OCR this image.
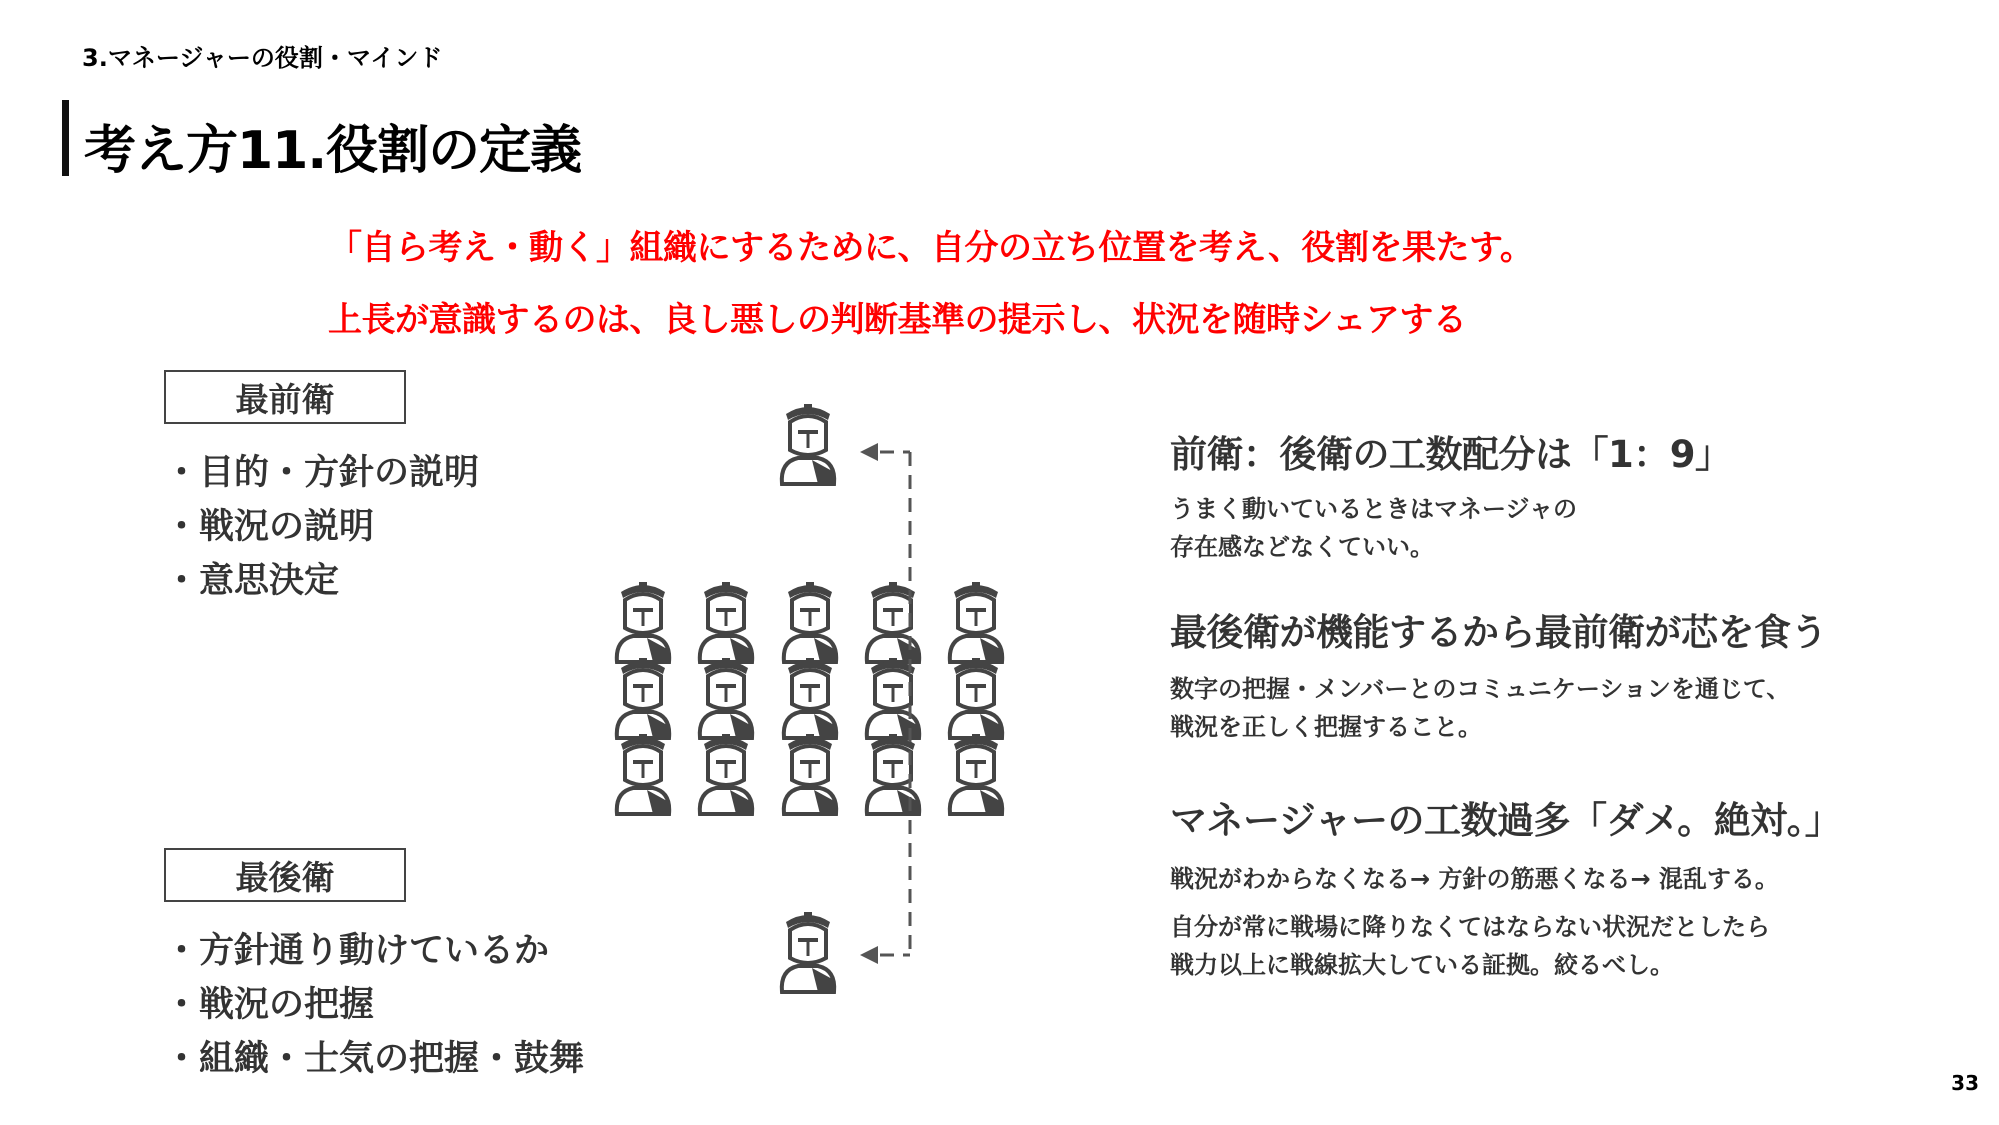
3.マネージャーの役割・マインド
考え方11.役割の定義
「自ら考え・動く」組織にするために、自分の立ち位置を考え、役割を果たす。
上長が意識するのは、良し悪しの判断基準の提示し、状況を随時シェアする
最前衛
・目的・方針の説明
・戦況の説明
・意思決定
最後衛
・方針通り動けているか
・戦況の把握
・組織・士気の把握・鼓舞
前衛：後衛の工数配分は「1：9」
うまく動いているときはマネージャの
存在感などなくていい。
最後衛が機能するから最前衛が芯を食う
数字の把握・メンバーとのコミュニケーションを通じて、
戦況を正しく把握すること。
マネージャーの工数過多「ダメ。絶対。」
戦況がわからなくなる→ 方針の筋悪くなる→ 混乱する。
自分が常に戦場に降りなくてはならない状況だとしたら
戦力以上に戦線拡大している証拠。絞るべし。
33
